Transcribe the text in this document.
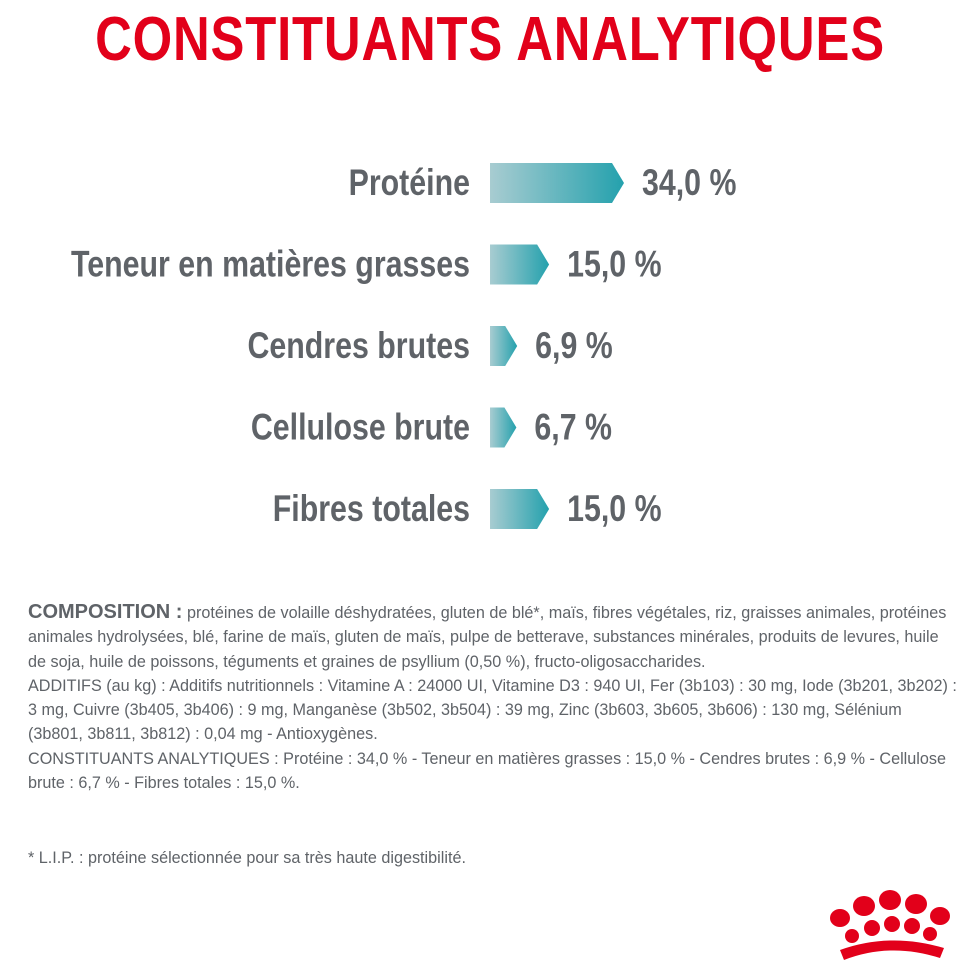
CONSTITUANTS ANALYTIQUES
Protéine	34,0 %
Teneur en matières grasses	15,0 %
Cendres brutes 6,9 %
Cellulose brute 6,7 %
Fibres totales	15,0 %

COMPOSITION : protéines de volaille déshydratées, gluten de blé*, maïs, fibres végétales, riz, graisses animales, protéines animales hydrolysées, blé, farine de maïs, gluten de maïs, pulpe de betterave, substances minérales, produits de levures, huile de soja, huile de poissons, téguments et graines de psyllium (0,50 %), fructo-oligosaccharides.

ADDITIFS (au kg) : Additifs nutritionnels : Vitamine A : 24000 UI, Vitamine D3 : 940 UI, Fer (3b103) : 30 mg, Iode (3b201, 3b202) : 3 mg, Cuivre (3b405, 3b406) : 9 mg, Manganèse (3b502, 3b504) : 39 mg, Zinc (3b603, 3b605, 3b606) : 130 mg, Sélénium (3b801, 3b811, 3b812) : 0,04 mg - Antioxygènes.

CONSTITUANTS ANALYTIQUES : Protéine : 34,0 % - Teneur en matières grasses : 15,0 % - Cendres brutes : 6,9 % - Cellulose brute : 6,7 % - Fibres totales : 15,0 %.

* L.I.P. : protéine sélectionnée pour sa très haute digestibilité.
